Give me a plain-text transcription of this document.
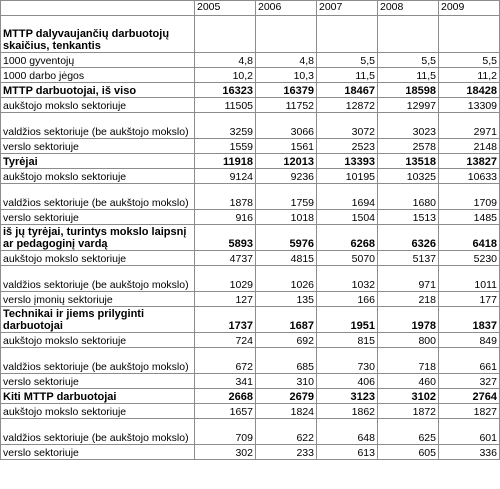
	2005	2006	2007	2008	2009
MTTP dalyvaujančių darbuotojų skaičius, tenkantis					
1000 gyventojų	4,8	4,8	5,5	5,5	5,5
1000 darbo jėgos	10,2	10,3	11,5	11,5	11,2
MTTP darbuotojai, iš viso	16323	16379	18467	18598	18428
aukštojo mokslo sektoriuje	11505	11752	12872	12997	13309
valdžios sektoriuje (be aukštojo mokslo)	3259	3066	3072	3023	2971
verslo sektoriuje	1559	1561	2523	2578	2148
Tyrėjai	11918	12013	13393	13518	13827
aukštojo mokslo sektoriuje	9124	9236	10195	10325	10633
valdžios sektoriuje (be aukštojo mokslo)	1878	1759	1694	1680	1709
verslo sektoriuje	916	1018	1504	1513	1485
iš jų tyrėjai, turintys mokslo laipsnį ar pedagoginį vardą	5893	5976	6268	6326	6418
aukštojo mokslo sektoriuje	4737	4815	5070	5137	5230
valdžios sektoriuje (be aukštojo mokslo)	1029	1026	1032	971	1011
verslo įmonių sektoriuje	127	135	166	218	177
Technikai ir jiems prilyginti darbuotojai	1737	1687	1951	1978	1837
aukštojo mokslo sektoriuje	724	692	815	800	849
valdžios sektoriuje (be aukštojo mokslo)	672	685	730	718	661
verslo sektoriuje	341	310	406	460	327
Kiti MTTP darbuotojai	2668	2679	3123	3102	2764
aukštojo mokslo sektoriuje	1657	1824	1862	1872	1827
valdžios sektoriuje (be aukštojo mokslo)	709	622	648	625	601
verslo sektoriuje	302	233	613	605	336
